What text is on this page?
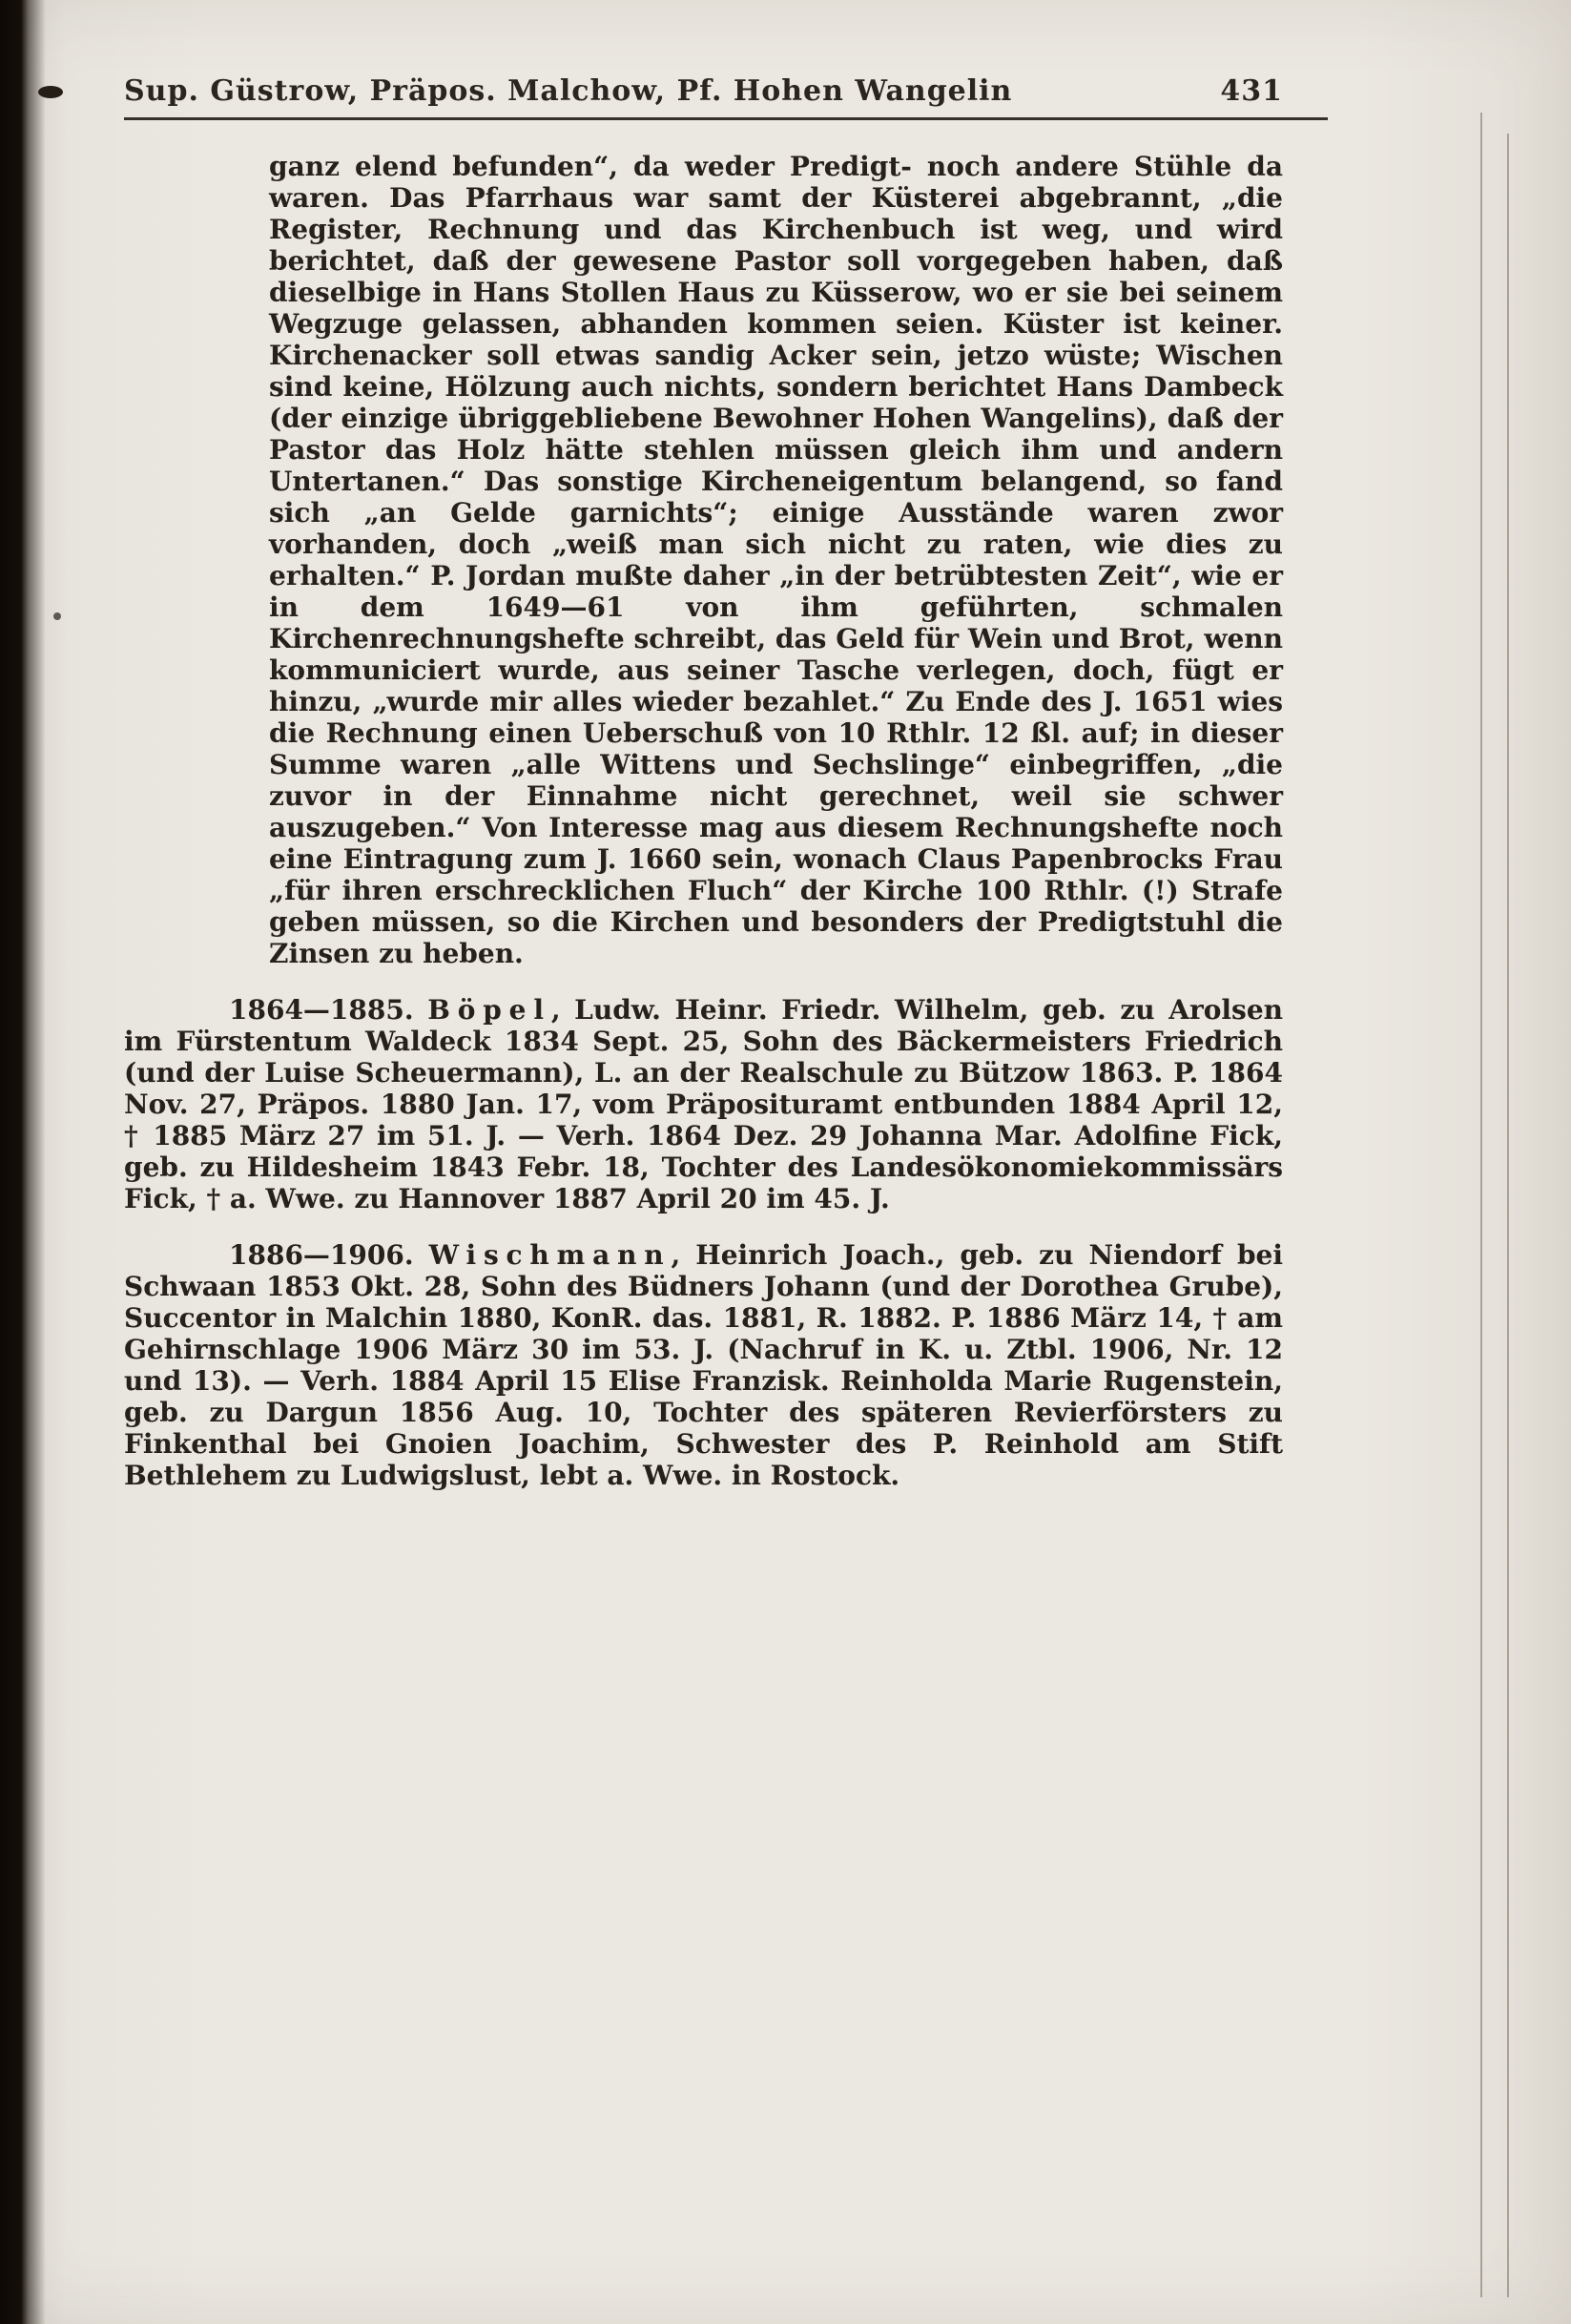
Sup. Güstrow, Präpos. Malchow, Pf. Hohen Wangelin	431

ganz elend befunden“, da weder Predigt- noch andere Stühle da waren. Das Pfarrhaus war samt der Küsterei abgebrannt, „die Register, Rechnung und das Kirchenbuch ist weg, und wird berichtet, daß der gewesene Pastor soll vorgegeben haben, daß dieselbige in Hans Stollen Haus zu Küsserow, wo er sie bei seinem Wegzuge gelassen, abhanden kommen seien. Küster ist keiner. Kirchenacker soll etwas sandig Acker sein, jetzo wüste; Wischen sind keine, Hölzung auch nichts, sondern berichtet Hans Dambeck (der einzige übriggebliebene Bewohner Hohen Wangelins), daß der Pastor das Holz hätte stehlen müssen gleich ihm und andern Untertanen.“ Das sonstige Kircheneigentum belangend, so fand sich „an Gelde garnichts“; einige Ausstände waren zwor vorhanden, doch „weiß man sich nicht zu raten, wie dies zu erhalten.“ P. Jordan mußte daher „in der betrübtesten Zeit“, wie er in dem 1649—61 von ihm geführten, schmalen Kirchenrechnungshefte schreibt, das Geld für Wein und Brot, wenn kommuniciert wurde, aus seiner Tasche verlegen, doch, fügt er hinzu, „wurde mir alles wieder bezahlet.“ Zu Ende des J. 1651 wies die Rechnung einen Ueberschuß von 10 Rthlr. 12 ßl. auf; in dieser Summe waren „alle Wittens und Sechslinge“ einbegriffen, „die zuvor in der Einnahme nicht gerechnet, weil sie schwer auszugeben.“ Von Interesse mag aus diesem Rechnungshefte noch eine Eintragung zum J. 1660 sein, wonach Claus Papenbrocks Frau „für ihren erschrecklichen Fluch“ der Kirche 100 Rthlr. (!) Strafe geben müssen, so die Kirchen und besonders der Predigtstuhl die Zinsen zu heben.

1864—1885. Böpel, Ludw. Heinr. Friedr. Wilhelm, geb. zu Arolsen im Fürstentum Waldeck 1834 Sept. 25, Sohn des Bäckermeisters Friedrich (und der Luise Scheuermann), L. an der Realschule zu Bützow 1863. P. 1864 Nov. 27, Präpos. 1880 Jan. 17, vom Präposituramt entbunden 1884 April 12, † 1885 März 27 im 51. J. — Verh. 1864 Dez. 29 Johanna Mar. Adolfine Fick, geb. zu Hildesheim 1843 Febr. 18, Tochter des Landesökonomiekommissärs Fick, † a. Wwe. zu Hannover 1887 April 20 im 45. J.

1886—1906. Wischmann, Heinrich Joach., geb. zu Niendorf bei Schwaan 1853 Okt. 28, Sohn des Büdners Johann (und der Dorothea Grube), Succentor in Malchin 1880, KonR. das. 1881, R. 1882. P. 1886 März 14, † am Gehirnschlage 1906 März 30 im 53. J. (Nachruf in K. u. Ztbl. 1906, Nr. 12 und 13). — Verh. 1884 April 15 Elise Franzisk. Reinholda Marie Rugenstein, geb. zu Dargun 1856 Aug. 10, Tochter des späteren Revierförsters zu Finkenthal bei Gnoien Joachim, Schwester des P. Reinhold am Stift Bethlehem zu Ludwigslust, lebt a. Wwe. in Rostock.
